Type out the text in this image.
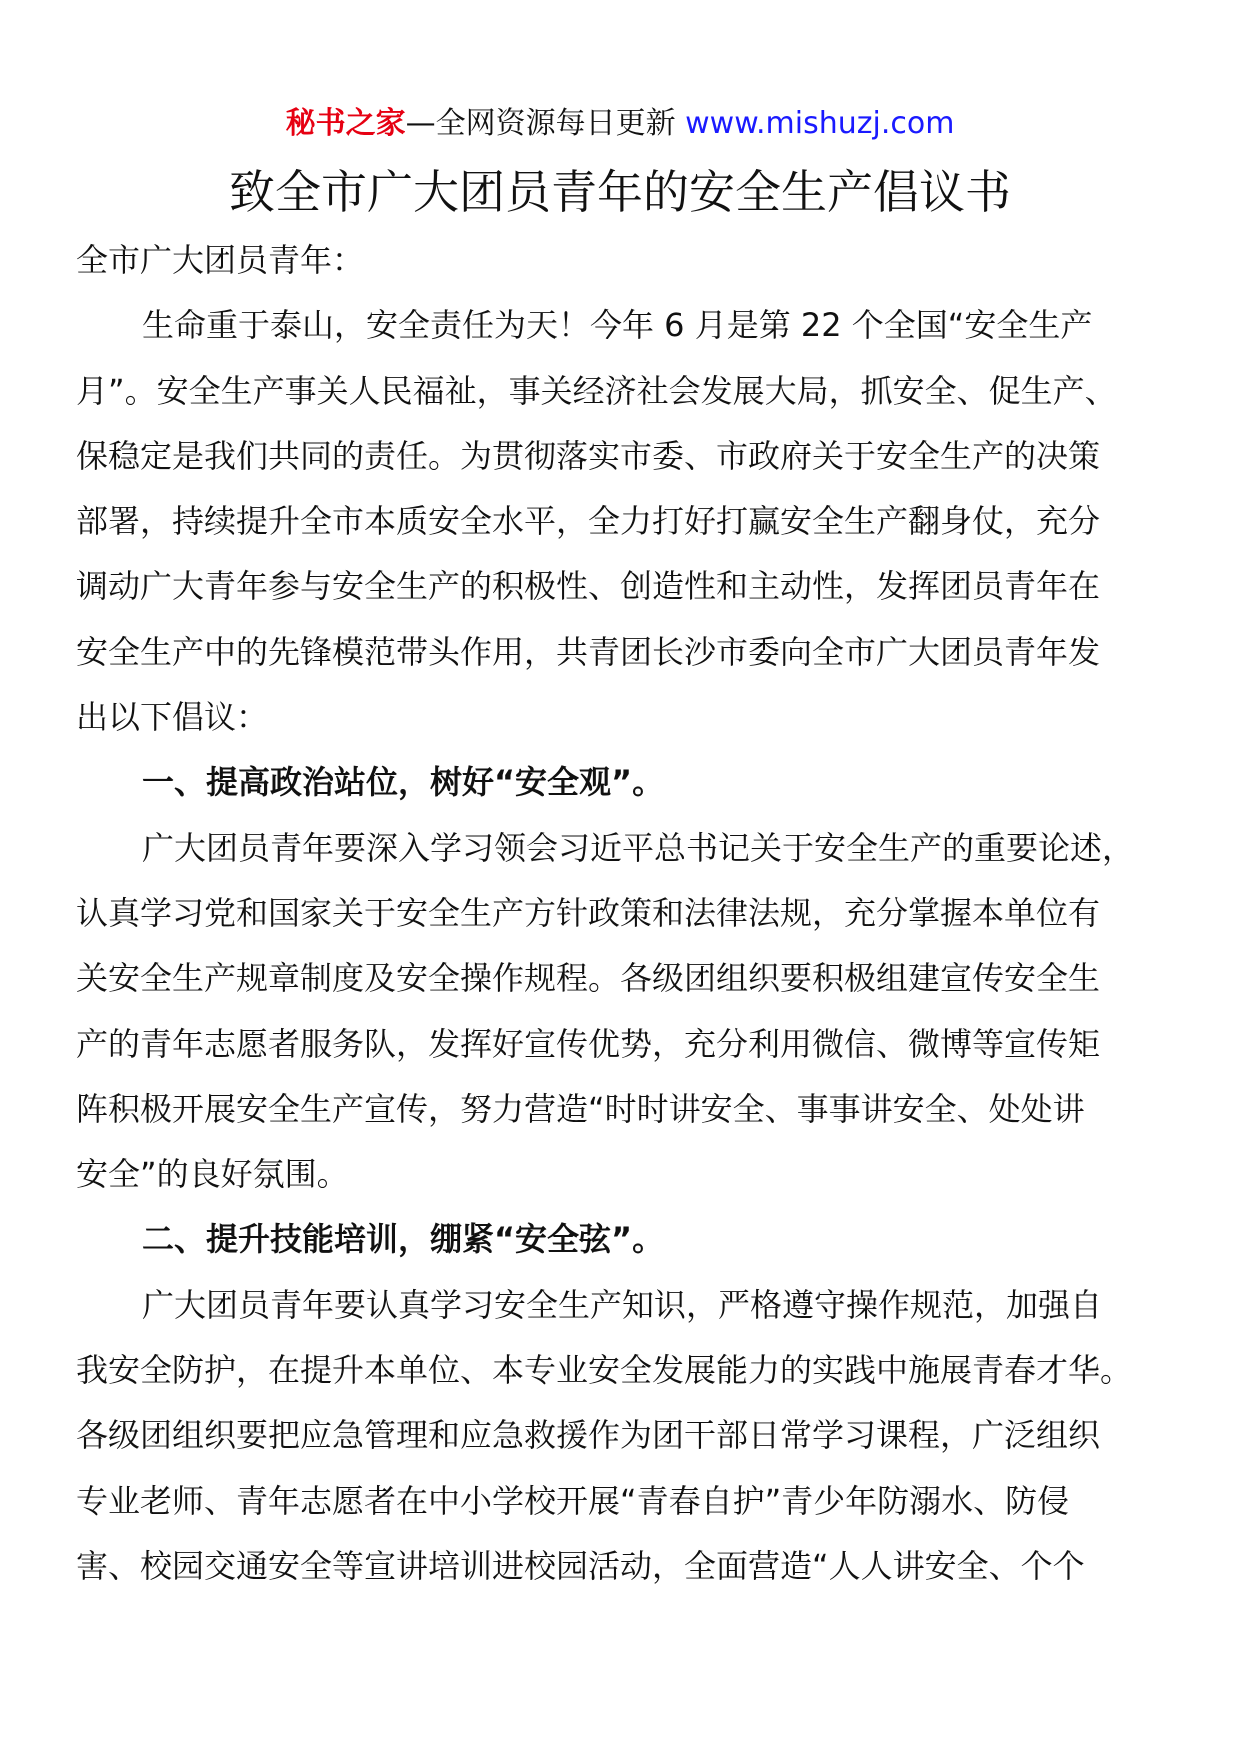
秘书之家—全网资源每日更新 www.mishuzj.com
致全市广大团员青年的安全生产倡议书
全市广大团员青年：
生命重于泰山，安全责任为天！今年 6 月是第 22 个全国“安全生产
月”。安全生产事关人民福祉，事关经济社会发展大局，抓安全、促生产、
保稳定是我们共同的责任。为贯彻落实市委、市政府关于安全生产的决策
部署，持续提升全市本质安全水平，全力打好打赢安全生产翻身仗，充分
调动广大青年参与安全生产的积极性、创造性和主动性，发挥团员青年在
安全生产中的先锋模范带头作用，共青团长沙市委向全市广大团员青年发
出以下倡议：
一、提高政治站位，树好“安全观”。
广大团员青年要深入学习领会习近平总书记关于安全生产的重要论述，
认真学习党和国家关于安全生产方针政策和法律法规，充分掌握本单位有
关安全生产规章制度及安全操作规程。各级团组织要积极组建宣传安全生
产的青年志愿者服务队，发挥好宣传优势，充分利用微信、微博等宣传矩
阵积极开展安全生产宣传，努力营造“时时讲安全、事事讲安全、处处讲
安全”的良好氛围。
二、提升技能培训，绷紧“安全弦”。
广大团员青年要认真学习安全生产知识，严格遵守操作规范，加强自
我安全防护，在提升本单位、本专业安全发展能力的实践中施展青春才华。
各级团组织要把应急管理和应急救援作为团干部日常学习课程，广泛组织
专业老师、青年志愿者在中小学校开展“青春自护”青少年防溺水、防侵
害、校园交通安全等宣讲培训进校园活动，全面营造“人人讲安全、个个
